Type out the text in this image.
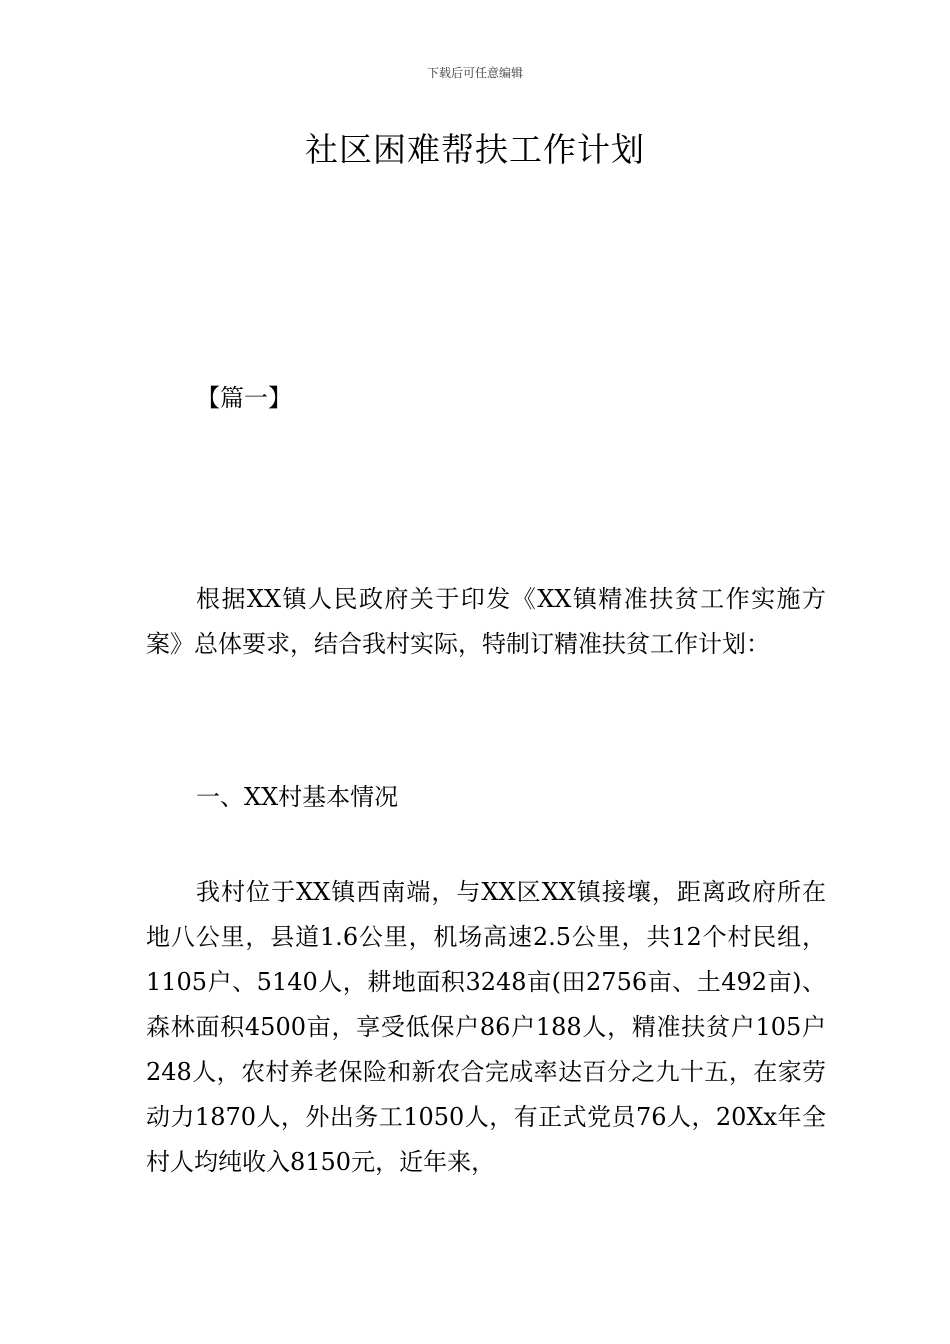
下载后可任意编辑
社区困难帮扶工作计划
【篇一】

根据XX镇人民政府关于印发《XX镇精准扶贫工作实施方案》总体要求，结合我村实际，特制订精准扶贫工作计划：

一、XX村基本情况

我村位于XX镇西南端，与XX区XX镇接壤，距离政府所在地八公里，县道1.6公里，机场高速2.5公里，共12个村民组，1105户、5140人，耕地面积3248亩(田2756亩、土492亩)、森林面积4500亩，享受低保户86户188人，精准扶贫户105户248人，农村养老保险和新农合完成率达百分之九十五，在家劳动力1870人，外出务工1050人，有正式党员76人，20Xx年全村人均纯收入8150元，近年来，
